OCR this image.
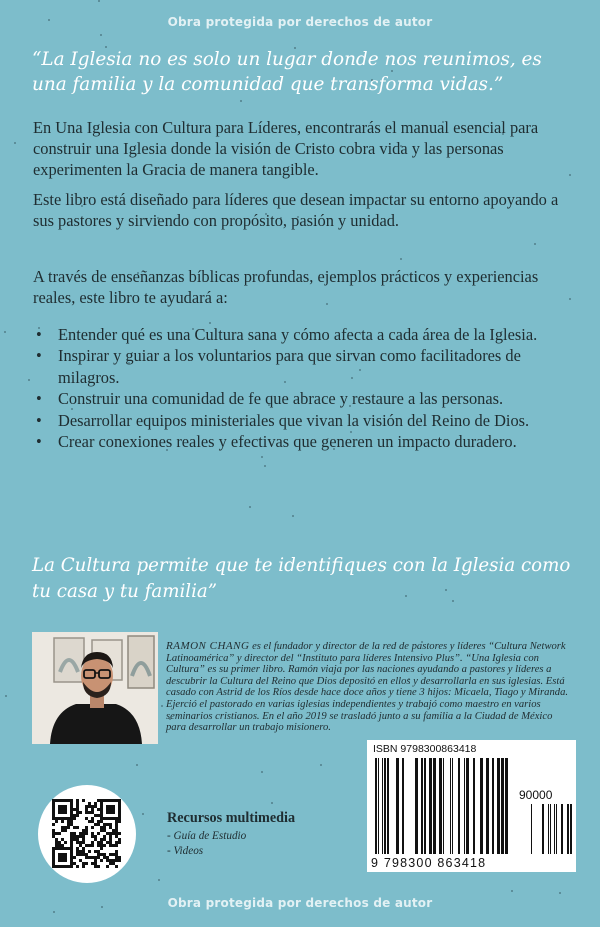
Obra protegida por derechos de autor
“La Iglesia no es solo un lugar donde nos reunimos, es una familia y la comunidad que transforma vidas.”

En Una Iglesia con Cultura para Líderes, encontrarás el manual esencial para construir una Iglesia donde la visión de Cristo cobra vida y las personas experimenten la Gracia de manera tangible.

Este libro está diseñado para líderes que desean impactar su entorno apoyando a sus pastores y sirviendo con propósito, pasión y unidad.

A través de enseñanzas bíblicas profundas, ejemplos prácticos y experiencias reales, este libro te ayudará a:

• Entender qué es una Cultura sana y cómo afecta a cada área de la Iglesia.
• Inspirar y guiar a los voluntarios para que sirvan como facilitadores de milagros.
• Construir una comunidad de fe que abrace y restaure a las personas.
• Desarrollar equipos ministeriales que vivan la visión del Reino de Dios.
• Crear conexiones reales y efectivas que generen un impacto duradero.
La Cultura permite que te identifiques con la Iglesia como tu casa y tu familia”

RAMON CHANG es el fundador y director de la red de pastores y líderes “Cultura Network Latinoamérica” y director del “Instituto para líderes Intensivo Plus”. “Una Iglesia con Cultura” es su primer libro. Ramón viaja por las naciones ayudando a pastores y líderes a descubrir la Cultura del Reino que Dios depositó en ellos y desarrollarla en sus iglesias. Está casado con Astrid de los Ríos desde hace doce años y tiene 3 hijos: Micaela, Tiago y Miranda. Ejerció el pastorado en varias iglesias independientes y trabajó como maestro en varios seminarios cristianos. En el año 2019 se trasladó junto a su familia a la Ciudad de México para desarrollar un trabajo misionero.

ISBN 9798300863418
90000
9 798300 863418
Recursos multimedia
- Guía de Estudio
- Videos
Obra protegida por derechos de autor
